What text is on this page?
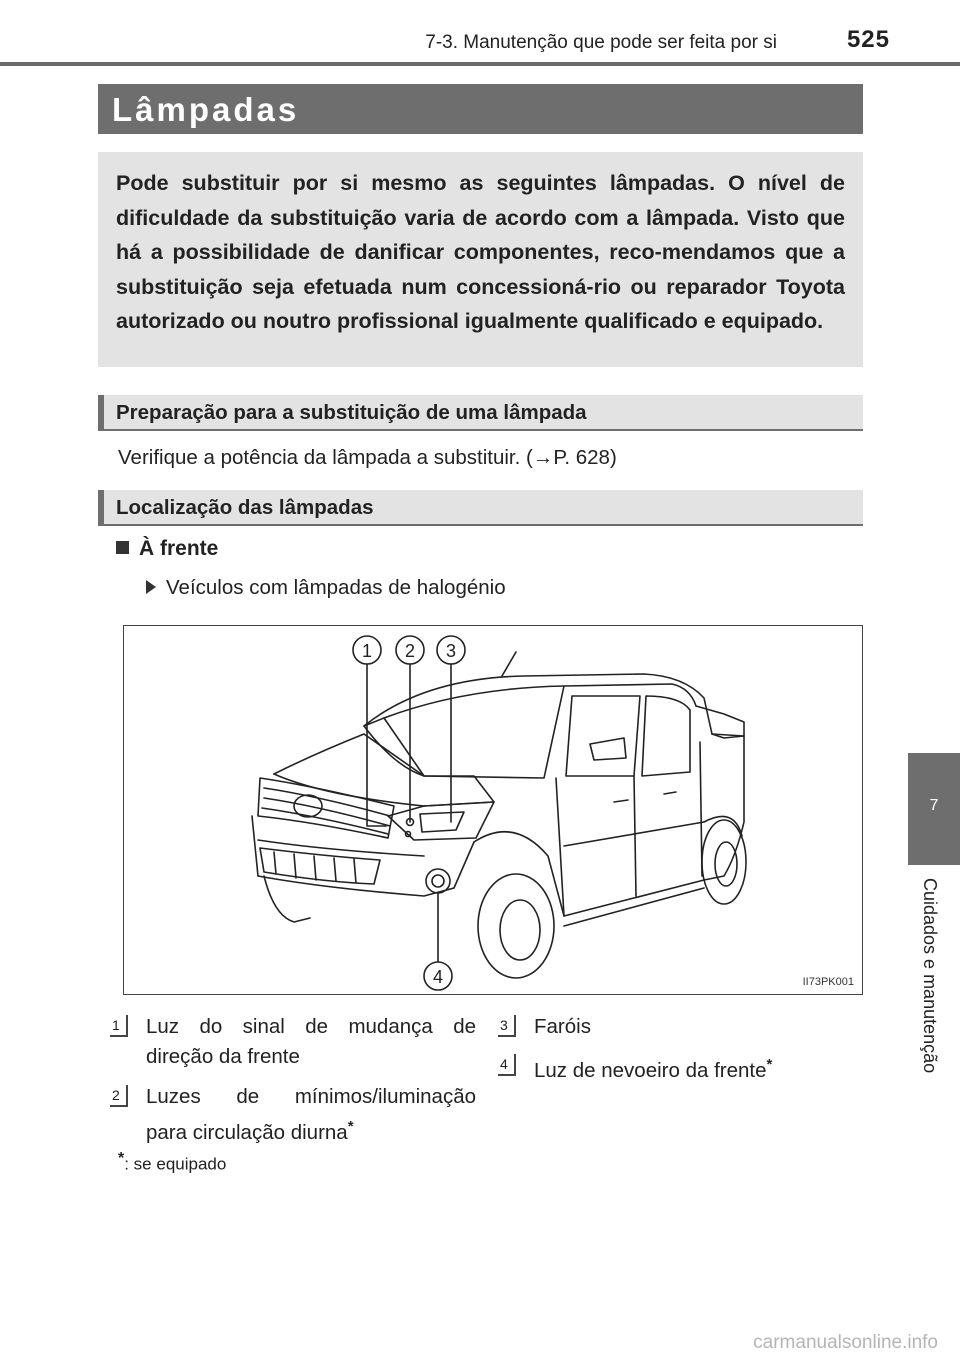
7-3. Manutenção que pode ser feita por si	525
Lâmpadas

Pode substituir por si mesmo as seguintes lâmpadas. O nível de dificuldade da substituição varia de acordo com a lâmpada. Visto que há a possibilidade de danificar componentes, reco-mendamos que a substituição seja efetuada num concessioná-rio ou reparador Toyota autorizado ou noutro profissional igualmente qualificado e equipado.

Preparação para a substituição de uma lâmpada
Verifique a potência da lâmpada a substituir. (→P. 628)
Localização das lâmpadas
À frente
Veículos com lâmpadas de halogénio
1 2 3
4	II73PK001
1	Luz do sinal de mudança de
direção da frente
2	Luzes de mínimos/iluminação
para circulação diurna*
3	Faróis
4	Luz de nevoeiro da frente*
*: se equipado
7
Cuidados e manutenção
carmanualsonline.info
